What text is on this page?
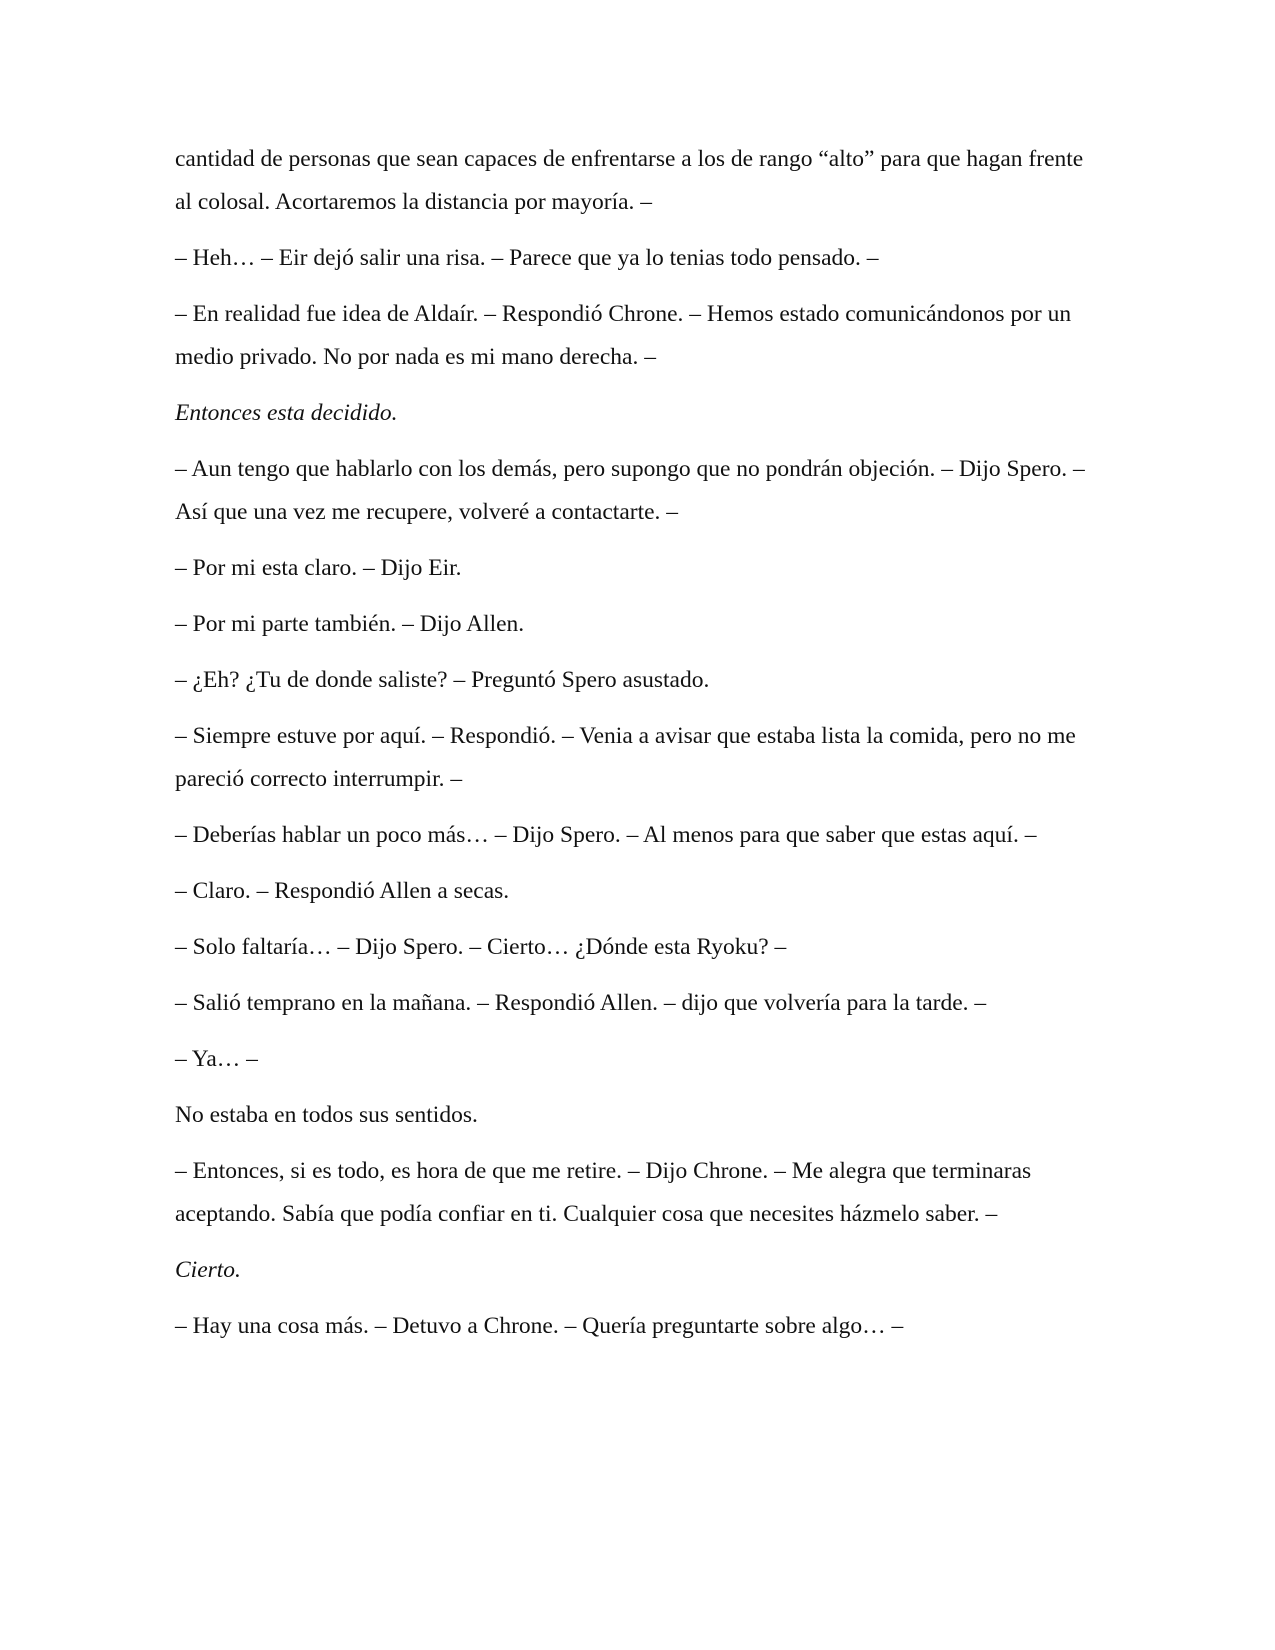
cantidad de personas que sean capaces de enfrentarse a los de rango “alto” para que hagan frente al colosal. Acortaremos la distancia por mayoría. –

– Heh… – Eir dejó salir una risa. – Parece que ya lo tenias todo pensado. –

– En realidad fue idea de Aldaír. – Respondió Chrone. – Hemos estado comunicándonos por un medio privado. No por nada es mi mano derecha. –

Entonces esta decidido.

– Aun tengo que hablarlo con los demás, pero supongo que no pondrán objeción. – Dijo Spero. – Así que una vez me recupere, volveré a contactarte. –

– Por mi esta claro. – Dijo Eir.

– Por mi parte también. – Dijo Allen.

– ¿Eh? ¿Tu de donde saliste? – Preguntó Spero asustado.

– Siempre estuve por aquí. – Respondió. – Venia a avisar que estaba lista la comida, pero no me pareció correcto interrumpir. –

– Deberías hablar un poco más… – Dijo Spero. – Al menos para que saber que estas aquí. –

– Claro. – Respondió Allen a secas.

– Solo faltaría… – Dijo Spero. – Cierto… ¿Dónde esta Ryoku? –

– Salió temprano en la mañana. – Respondió Allen. – dijo que volvería para la tarde. –

– Ya… –

No estaba en todos sus sentidos.

– Entonces, si es todo, es hora de que me retire. – Dijo Chrone. – Me alegra que terminaras aceptando. Sabía que podía confiar en ti. Cualquier cosa que necesites házmelo saber. –

Cierto.

– Hay una cosa más. – Detuvo a Chrone. – Quería preguntarte sobre algo… –
